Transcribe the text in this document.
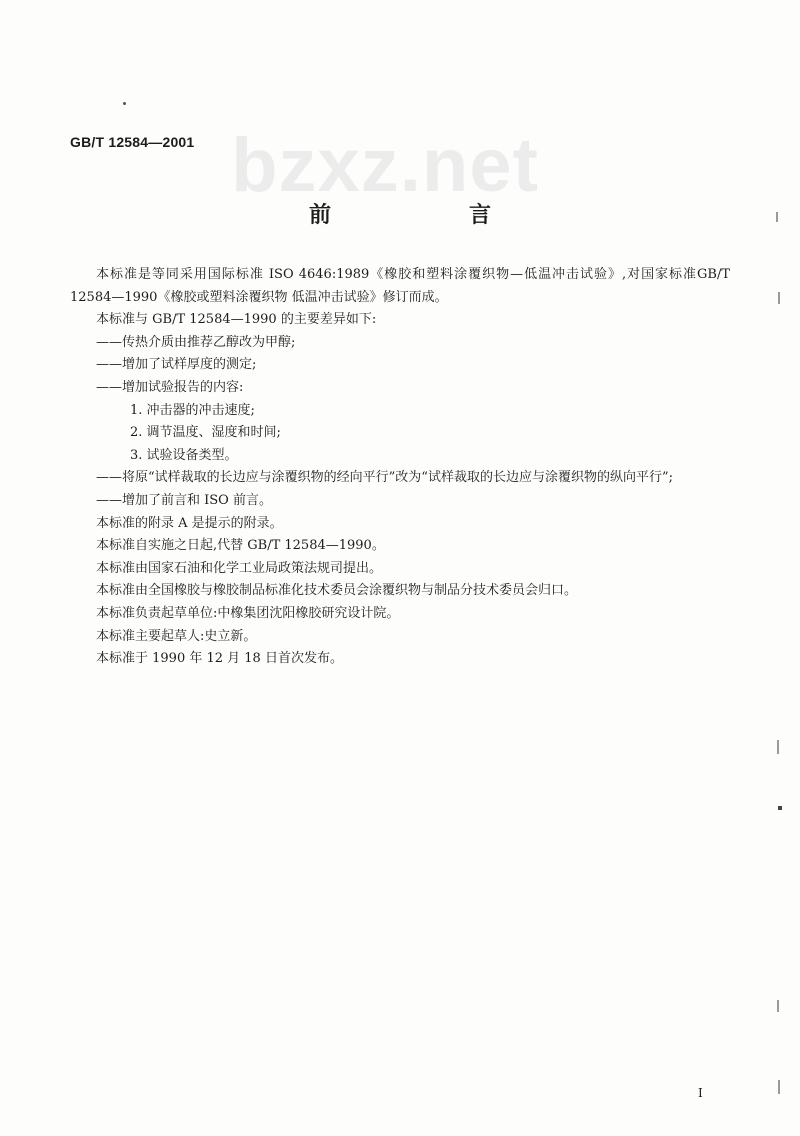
bzxz.net
GB/T 12584—2001
前	言

本标准是等同采用国际标准 ISO 4646:1989《橡胶和塑料涂覆织物—低温冲击试验》,对国家标准GB/T 12584—1990《橡胶或塑料涂覆织物 低温冲击试验》修订而成。

本标准与 GB/T 12584—1990 的主要差异如下:

——传热介质由推荐乙醇改为甲醇;

——增加了试样厚度的测定;

——增加试验报告的内容:

1. 冲击器的冲击速度;

2. 调节温度、湿度和时间;

3. 试验设备类型。

——将原“试样裁取的长边应与涂覆织物的经向平行”改为“试样裁取的长边应与涂覆织物的纵向平行”;

——增加了前言和 ISO 前言。

本标准的附录 A 是提示的附录。

本标准自实施之日起,代替 GB/T 12584—1990。

本标准由国家石油和化学工业局政策法规司提出。

本标准由全国橡胶与橡胶制品标准化技术委员会涂覆织物与制品分技术委员会归口。

本标准负责起草单位:中橡集团沈阳橡胶研究设计院。

本标准主要起草人:史立新。

本标准于 1990 年 12 月 18 日首次发布。

I
